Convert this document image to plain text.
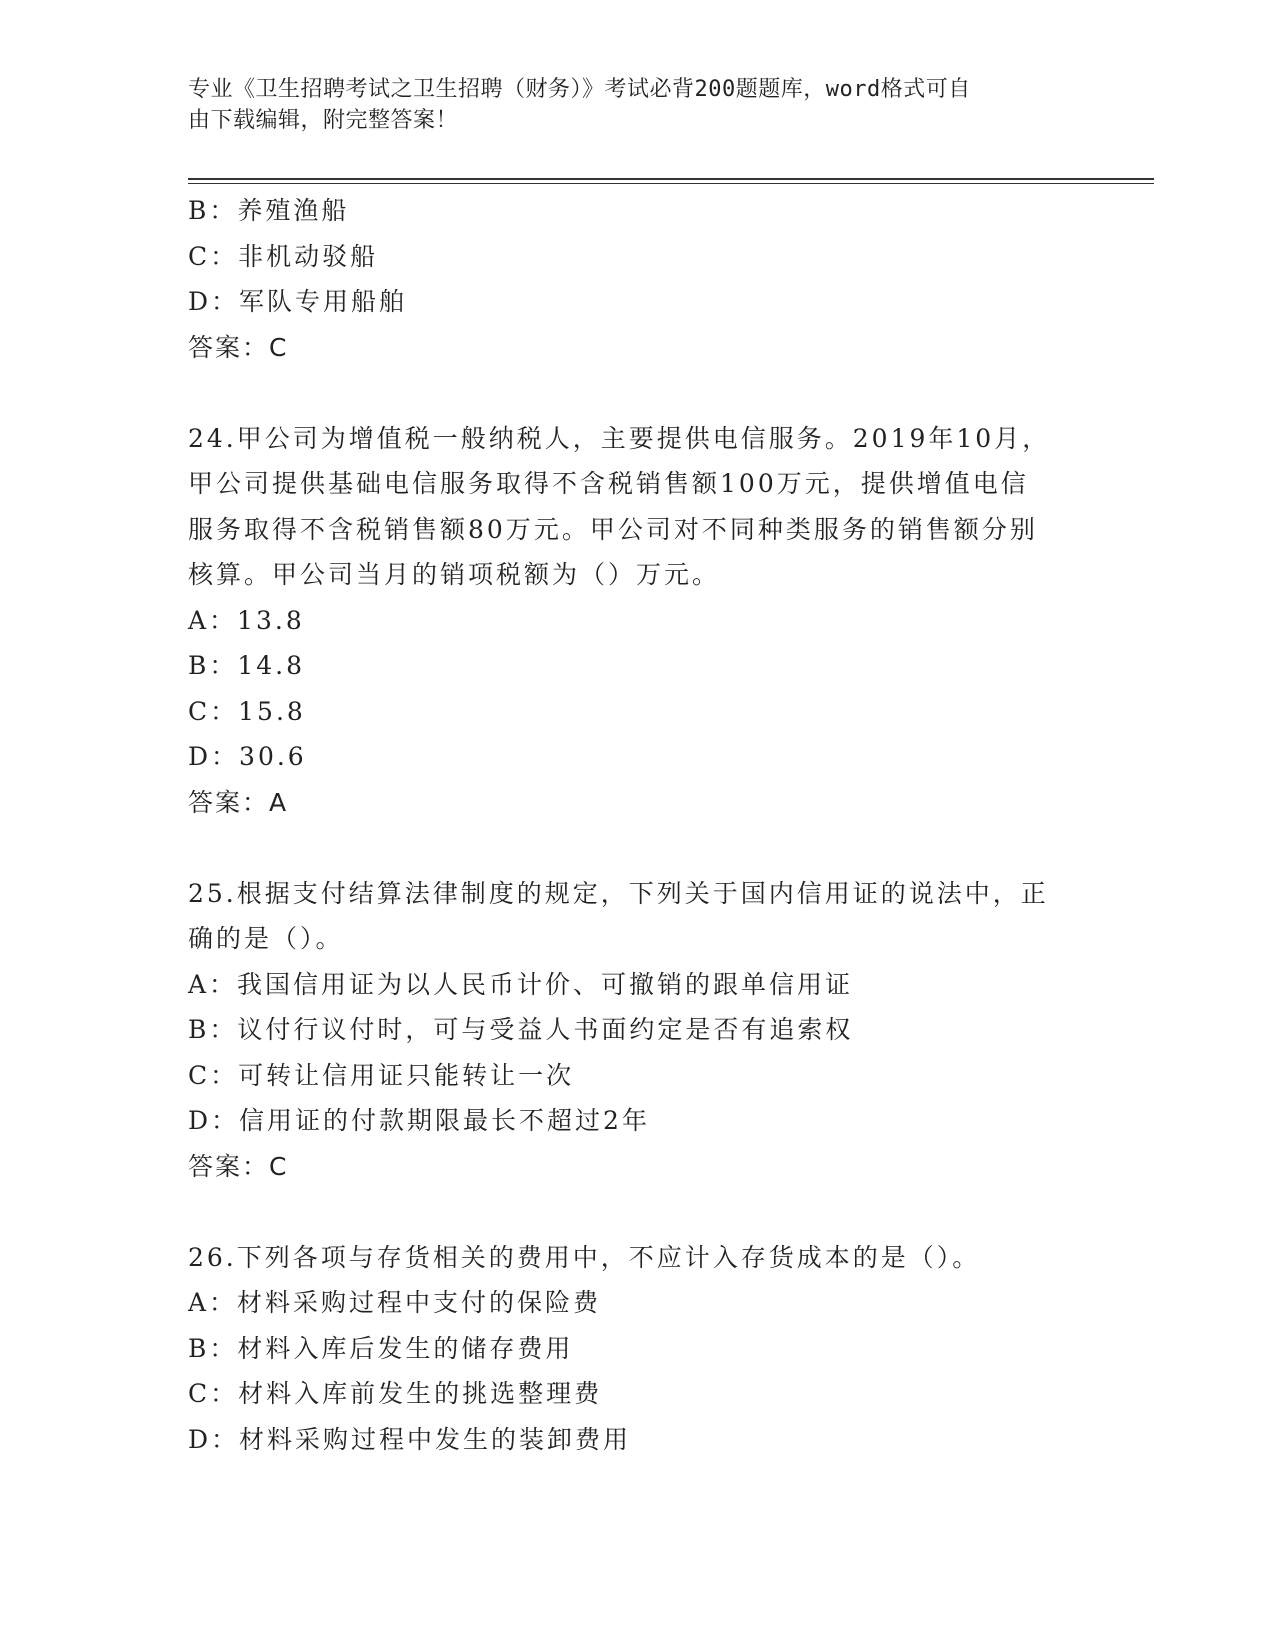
专业《卫生招聘考试之卫生招聘（财务）》考试必背200题题库，word格式可自
由下载编辑，附完整答案！
B：养殖渔船
C：非机动驳船
D：军队专用船舶
答案：C
24.甲公司为增值税一般纳税人，主要提供电信服务。2019年10月，
甲公司提供基础电信服务取得不含税销售额100万元，提供增值电信
服务取得不含税销售额80万元。甲公司对不同种类服务的销售额分别
核算。甲公司当月的销项税额为（）万元。
A：13.8
B：14.8
C：15.8
D：30.6
答案：A
25.根据支付结算法律制度的规定，下列关于国内信用证的说法中，正
确的是（）。
A：我国信用证为以人民币计价、可撤销的跟单信用证
B：议付行议付时，可与受益人书面约定是否有追索权
C：可转让信用证只能转让一次
D：信用证的付款期限最长不超过2年
答案：C
26.下列各项与存货相关的费用中，不应计入存货成本的是（）。
A：材料采购过程中支付的保险费
B：材料入库后发生的储存费用
C：材料入库前发生的挑选整理费
D：材料采购过程中发生的装卸费用
